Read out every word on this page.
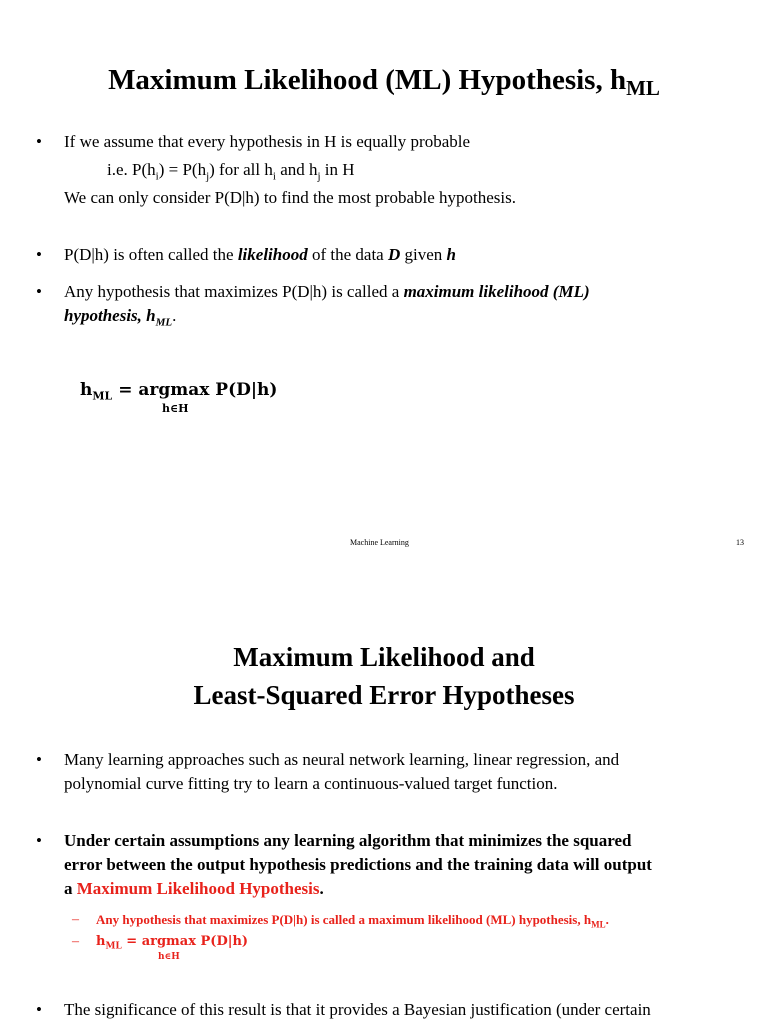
Maximum Likelihood (ML) Hypothesis, $h_{ML}$
• If we assume that every hypothesis in H is equally probable
i.e. $P(h_i) = P(h_j)$ for all $h_i$ and $h_j$ in H
We can only consider P(D|h) to find the most probable hypothesis.
• P(D|h) is often called the likelihood of the data D given h
• Any hypothesis that maximizes P(D|h) is called a maximum likelihood (ML)
hypothesis, $h_{ML}$.
$h_{ML} = argmax$ P(D|h)
h∈H
Machine Learning	13
Maximum Likelihood and
Least-Squared Error Hypotheses
• Many learning approaches such as neural network learning, linear regression, and
polynomial curve fitting try to learn a continuous-valued target function.
• Under certain assumptions any learning algorithm that minimizes the squared
error between the output hypothesis predictions and the training data will output
a Maximum Likelihood Hypothesis.
– Any hypothesis that maximizes P(D|h) is called a maximum likelihood (ML) hypothesis, $h_{ML}$.
– $h_{ML} = argmax$ P(D|h)
h∈H
• The significance of this result is that it provides a Bayesian justification (under certain
